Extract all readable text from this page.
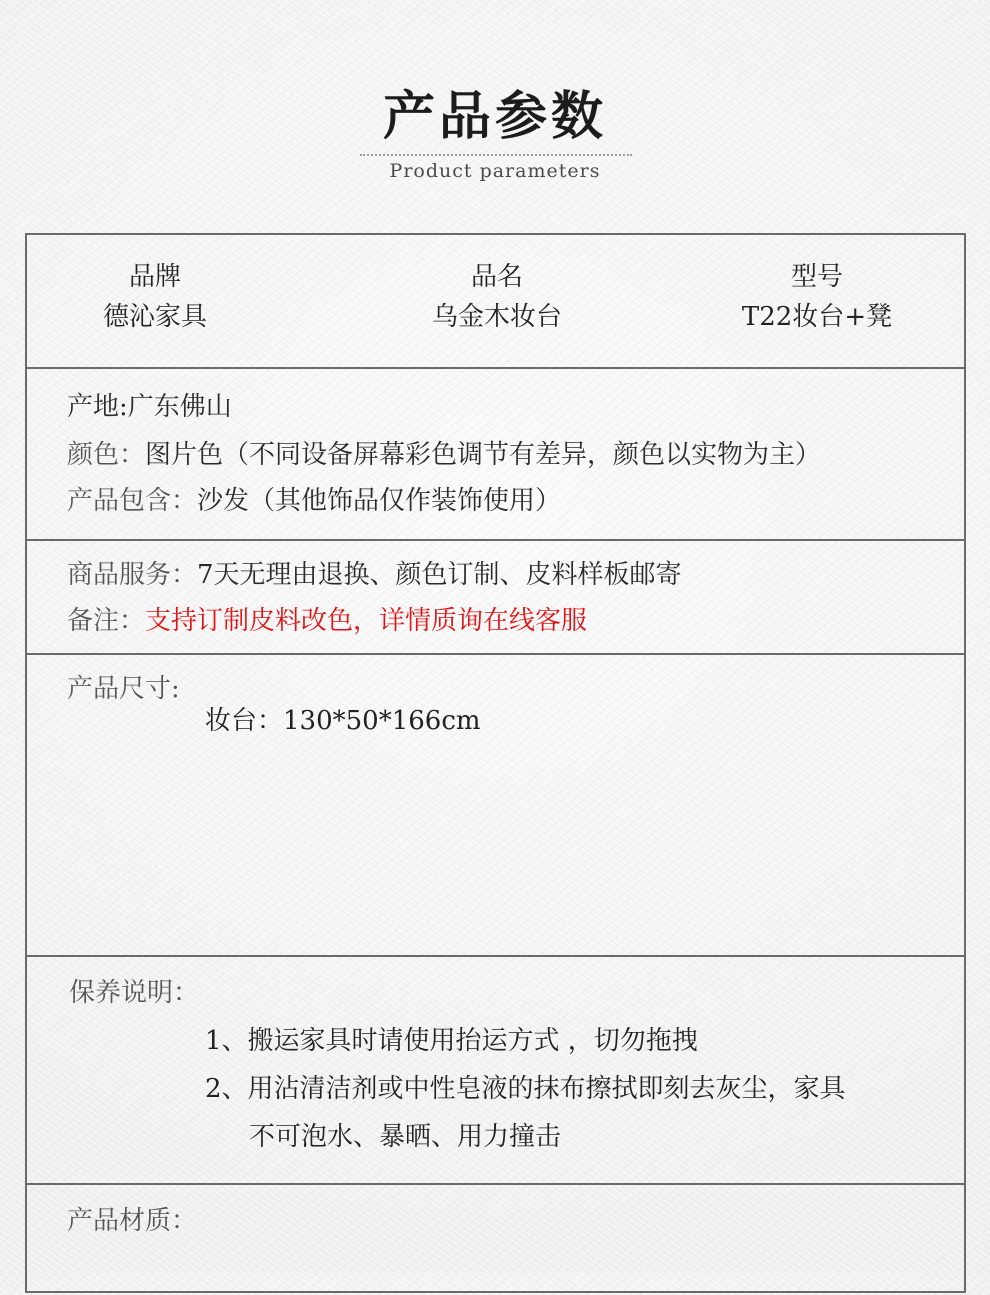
产品参数
Product parameters
品牌
德沁家具
品名
乌金木妆台
型号
T22妆台+凳
产地:广东佛山
颜色：图片色（不同设备屏幕彩色调节有差异，颜色以实物为主）
产品包含：沙发（其他饰品仅作装饰使用）
商品服务：7天无理由退换、颜色订制、皮料样板邮寄
备注：支持订制皮料改色，详情质询在线客服
产品尺寸:
妆台：130*50*166cm
保养说明：
1、搬运家具时请使用抬运方式 ，切勿拖拽
2、用沾清洁剂或中性皂液的抹布擦拭即刻去灰尘，家具
不可泡水、暴晒、用力撞击
产品材质：
